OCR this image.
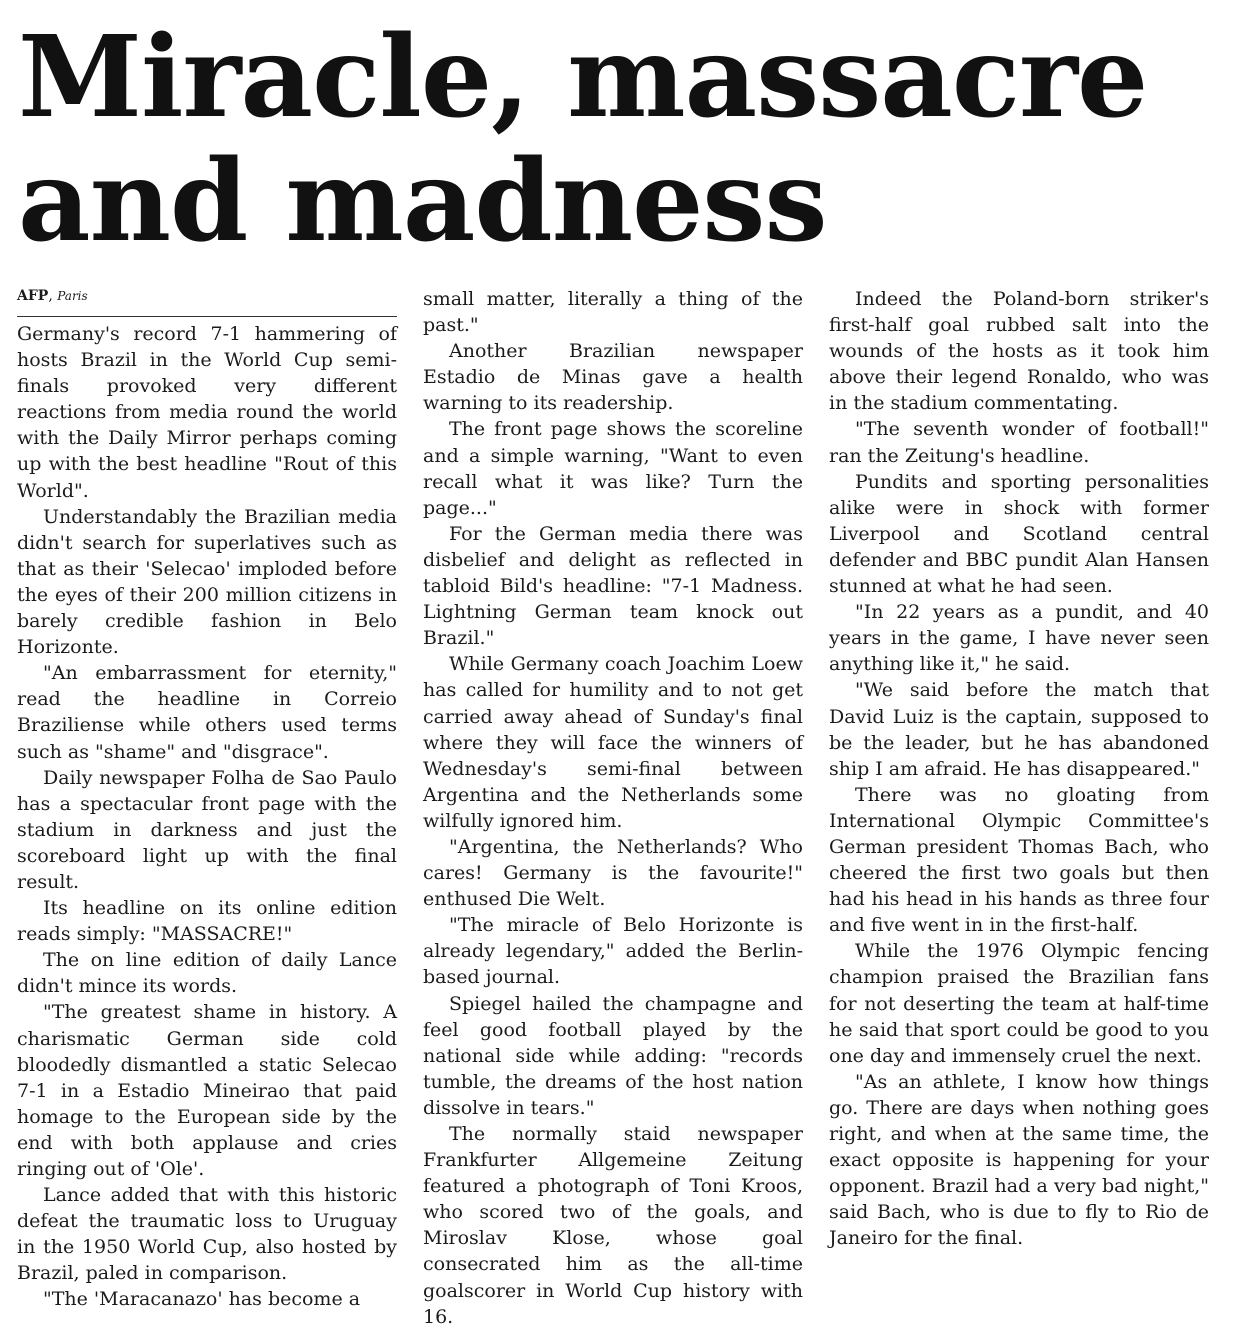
Miracle, massacre
and madness
AFP, Paris

Germany's record 7-1 hammering of hosts Brazil in the World Cup semi-finals provoked very different reactions from media round the world with the Daily Mirror perhaps coming up with the best headline "Rout of this World".

Understandably the Brazilian media didn't search for superlatives such as that as their 'Selecao' imploded before the eyes of their 200 million citizens in barely credible fashion in Belo Horizonte.

"An embarrassment for eternity," read the headline in Correio Braziliense while others used terms such as "shame" and "disgrace".

Daily newspaper Folha de Sao Paulo has a spectacular front page with the stadium in darkness and just the scoreboard light up with the final result.

Its headline on its online edition reads simply: "MASSACRE!"

The on line edition of daily Lance didn't mince its words.

"The greatest shame in history. A charismatic German side cold bloodedly dismantled a static Selecao 7-1 in a Estadio Mineirao that paid homage to the European side by the end with both applause and cries ringing out of 'Ole'.

Lance added that with this historic defeat the traumatic loss to Uruguay in the 1950 World Cup, also hosted by Brazil, paled in comparison.

"The 'Maracanazo' has become a

small matter, literally a thing of the past."

Another Brazilian newspaper Estadio de Minas gave a health warning to its readership.

The front page shows the scoreline and a simple warning, "Want to even recall what it was like? Turn the page..."

For the German media there was disbelief and delight as reflected in tabloid Bild's headline: "7-1 Madness. Lightning German team knock out Brazil."

While Germany coach Joachim Loew has called for humility and to not get carried away ahead of Sunday's final where they will face the winners of Wednesday's semi-final between Argentina and the Netherlands some wilfully ignored him.

"Argentina, the Netherlands? Who cares! Germany is the favourite!" enthused Die Welt.

"The miracle of Belo Horizonte is already legendary," added the Berlin-based journal.

Spiegel hailed the champagne and feel good football played by the national side while adding: "records tumble, the dreams of the host nation dissolve in tears."

The normally staid newspaper Frankfurter Allgemeine Zeitung featured a photograph of Toni Kroos, who scored two of the goals, and Miroslav Klose, whose goal consecrated him as the all-time goalscorer in World Cup history with 16.

Indeed the Poland-born striker's first-half goal rubbed salt into the wounds of the hosts as it took him above their legend Ronaldo, who was in the stadium commentating.

"The seventh wonder of football!" ran the Zeitung's headline.

Pundits and sporting personalities alike were in shock with former Liverpool and Scotland central defender and BBC pundit Alan Hansen stunned at what he had seen.

"In 22 years as a pundit, and 40 years in the game, I have never seen anything like it," he said.

"We said before the match that David Luiz is the captain, supposed to be the leader, but he has abandoned ship I am afraid. He has disappeared."

There was no gloating from International Olympic Committee's German president Thomas Bach, who cheered the first two goals but then had his head in his hands as three four and five went in in the first-half.

While the 1976 Olympic fencing champion praised the Brazilian fans for not deserting the team at half-time he said that sport could be good to you one day and immensely cruel the next.

"As an athlete, I know how things go. There are days when nothing goes right, and when at the same time, the exact opposite is happening for your opponent. Brazil had a very bad night," said Bach, who is due to fly to Rio de Janeiro for the final.
